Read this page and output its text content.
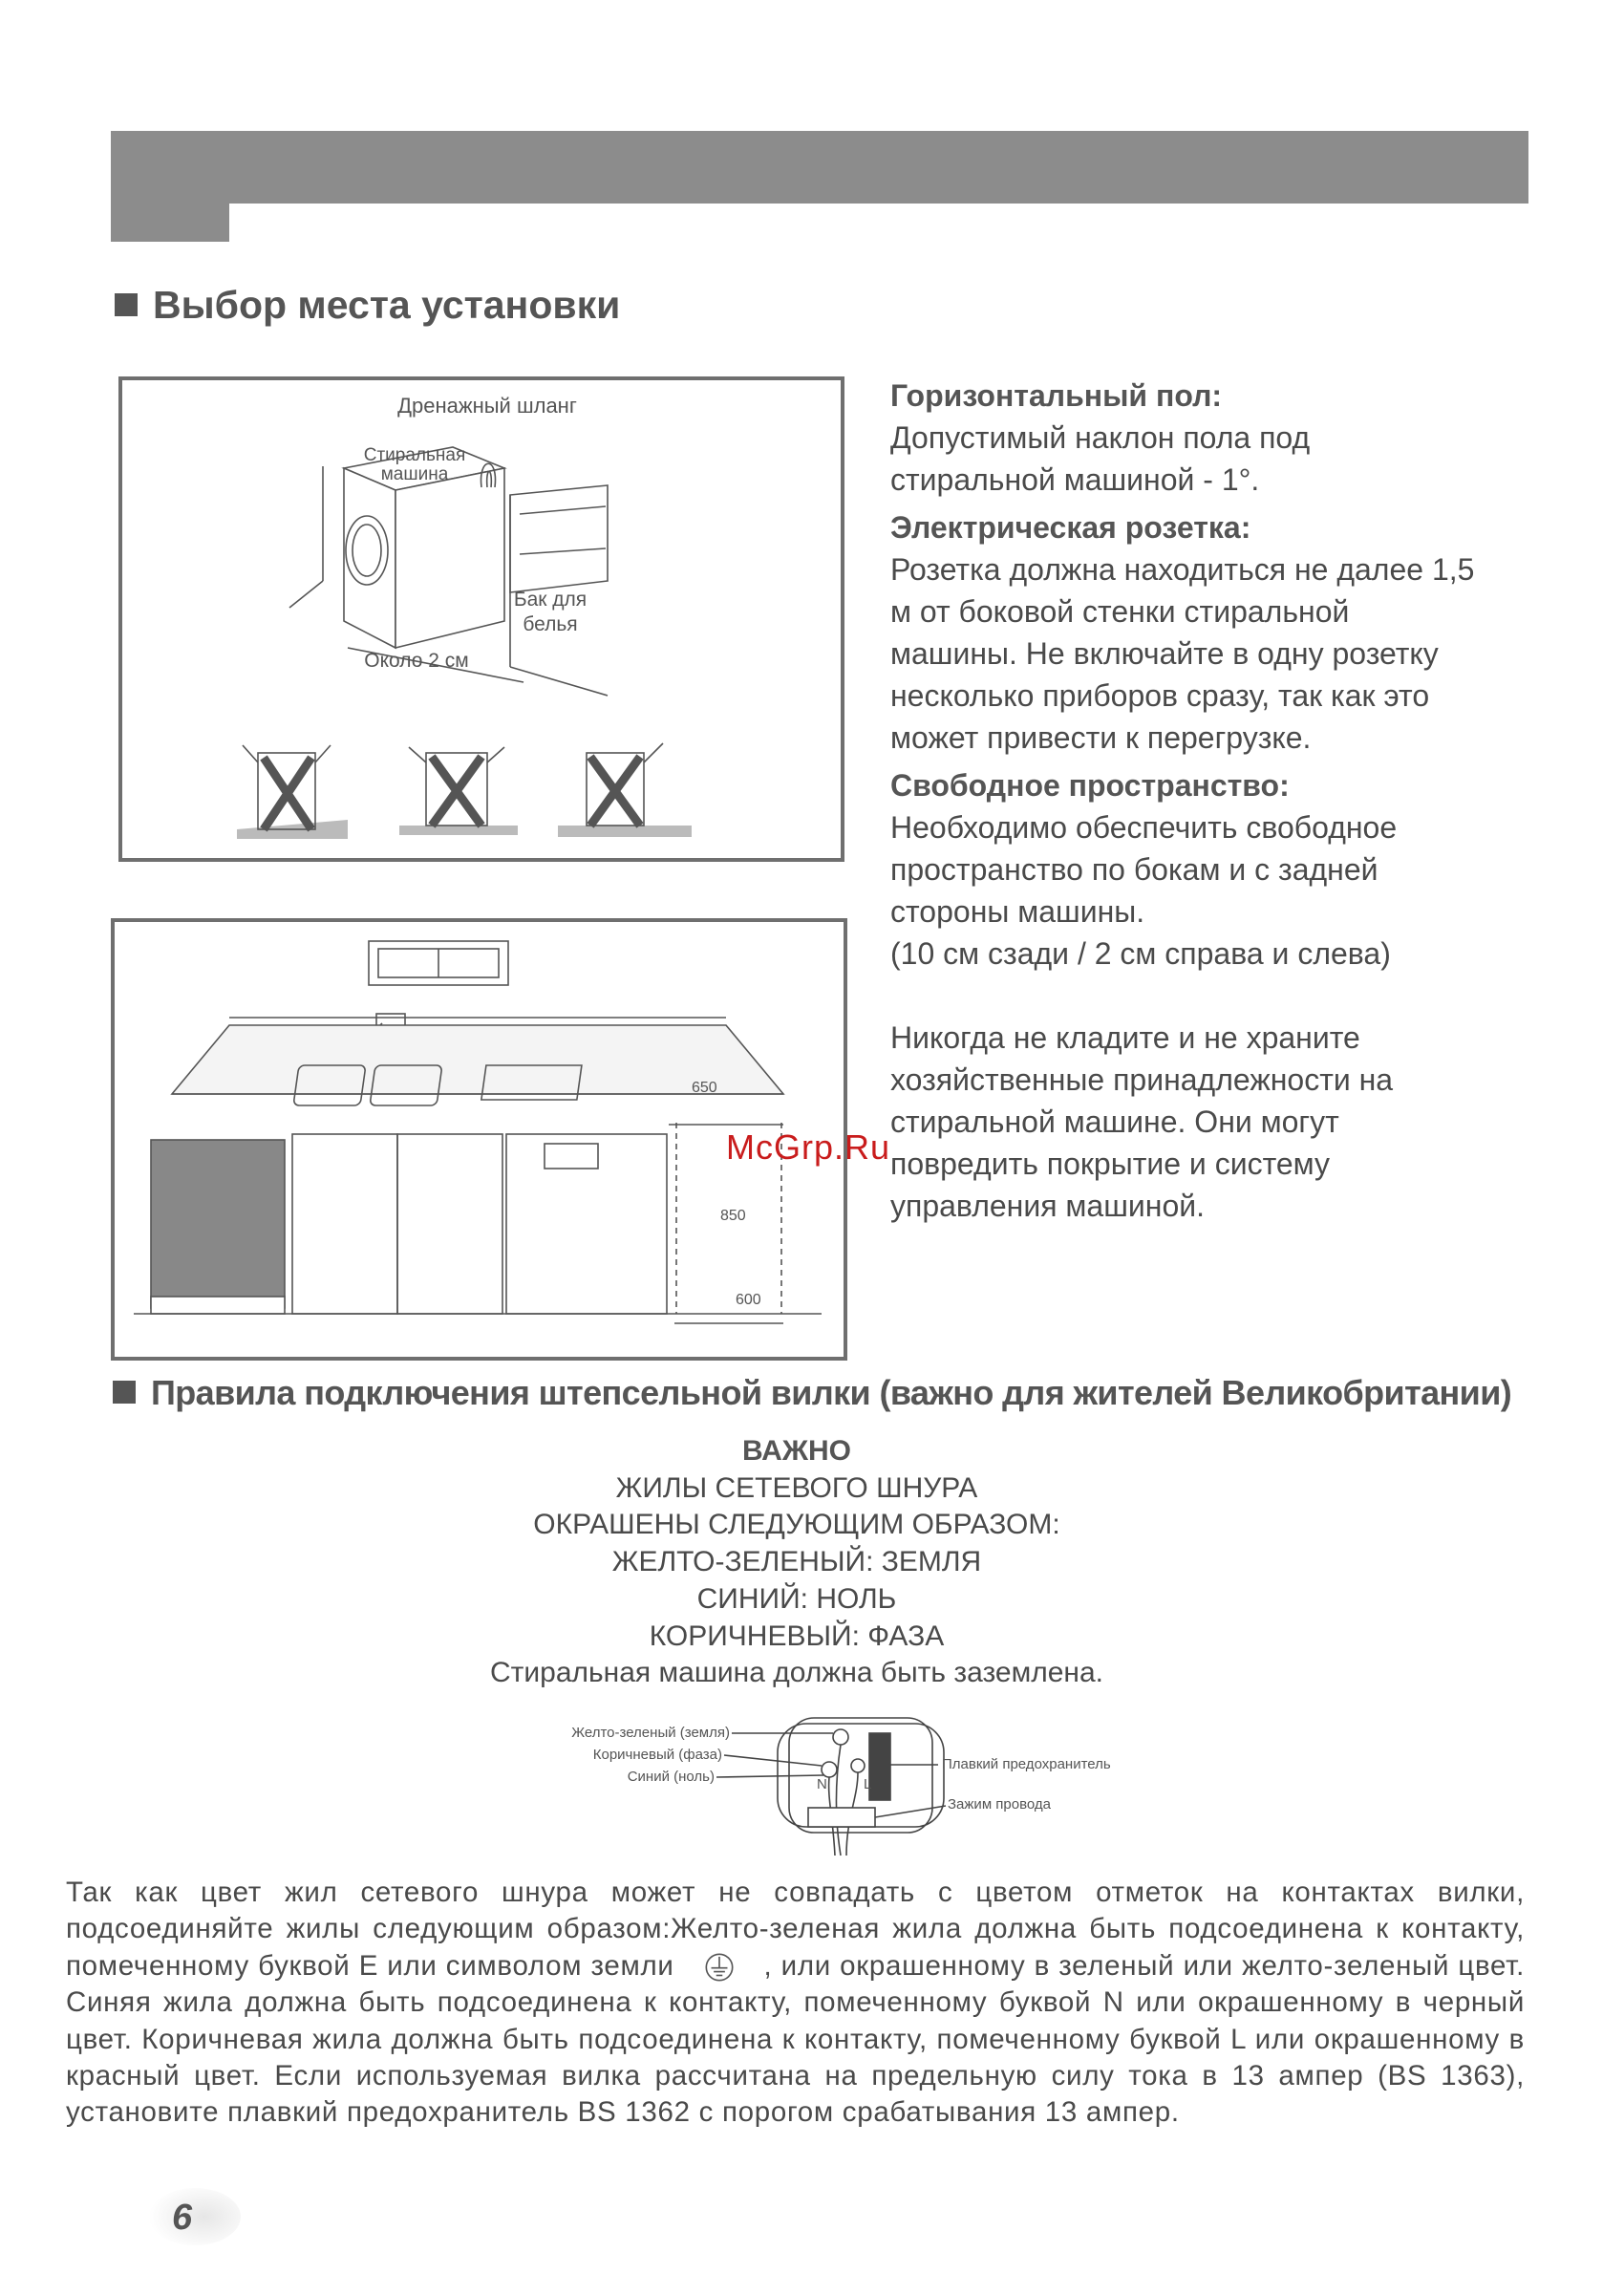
Выбор места установки
Дренажный шланг
Стиральная
машина
Бак для
белья
Около 2 см
650
850
600

Горизонтальный пол:

Допустимый наклон пола под

стиральной машиной - 1°.

Электрическая розетка:

Розетка должна находиться не далее 1,5

м от боковой стенки стиральной

машины. Не включайте в одну розетку

несколько приборов сразу, так как это

может привести к перегрузке.

Свободное пространство:

Необходимо обеспечить свободное

пространство по бокам и с задней

стороны машины.

(10 см сзади / 2 см справа и слева)

Никогда не кладите и не храните

хозяйственные принадлежности на

стиральной машине. Они могут

повредить покрытие и систему

управления машиной.

McGrp.Ru
Правила подключения штепсельной вилки (важно для жителей Великобритании)
ВАЖНО
ЖИЛЫ СЕТЕВОГО ШНУРА
ОКРАШЕНЫ СЛЕДУЮЩИМ ОБРАЗОМ:
ЖЕЛТО-ЗЕЛЕНЫЙ: ЗЕМЛЯ
СИНИЙ: НОЛЬ
КОРИЧНЕВЫЙ: ФАЗА
Стиральная машина должна быть заземлена.
Желто-зеленый (земля)
Коричневый (фаза)
Синий (ноль)
Плавкий предохранитель
Зажим провода
N	L
Так как цвет жил сетевого шнура может не совпадать с цветом отметок на контактах вилки, подсоединяйте жилы следующим образом:Желто-зеленая жила должна быть подсоединена к контакту, помеченному буквой E или символом земли	, или окрашенному в зеленый или желто-зеленый цвет. Синяя жила должна быть подсоединена к контакту, помеченному буквой N или окрашенному в черный цвет. Коричневая жила должна быть подсоединена к контакту, помеченному буквой L или окрашенному в красный цвет. Если используемая вилка рассчитана на предельную силу тока в 13 ампер (BS 1363), установите плавкий предохранитель BS 1362 с порогом срабатывания 13 ампер.
6
